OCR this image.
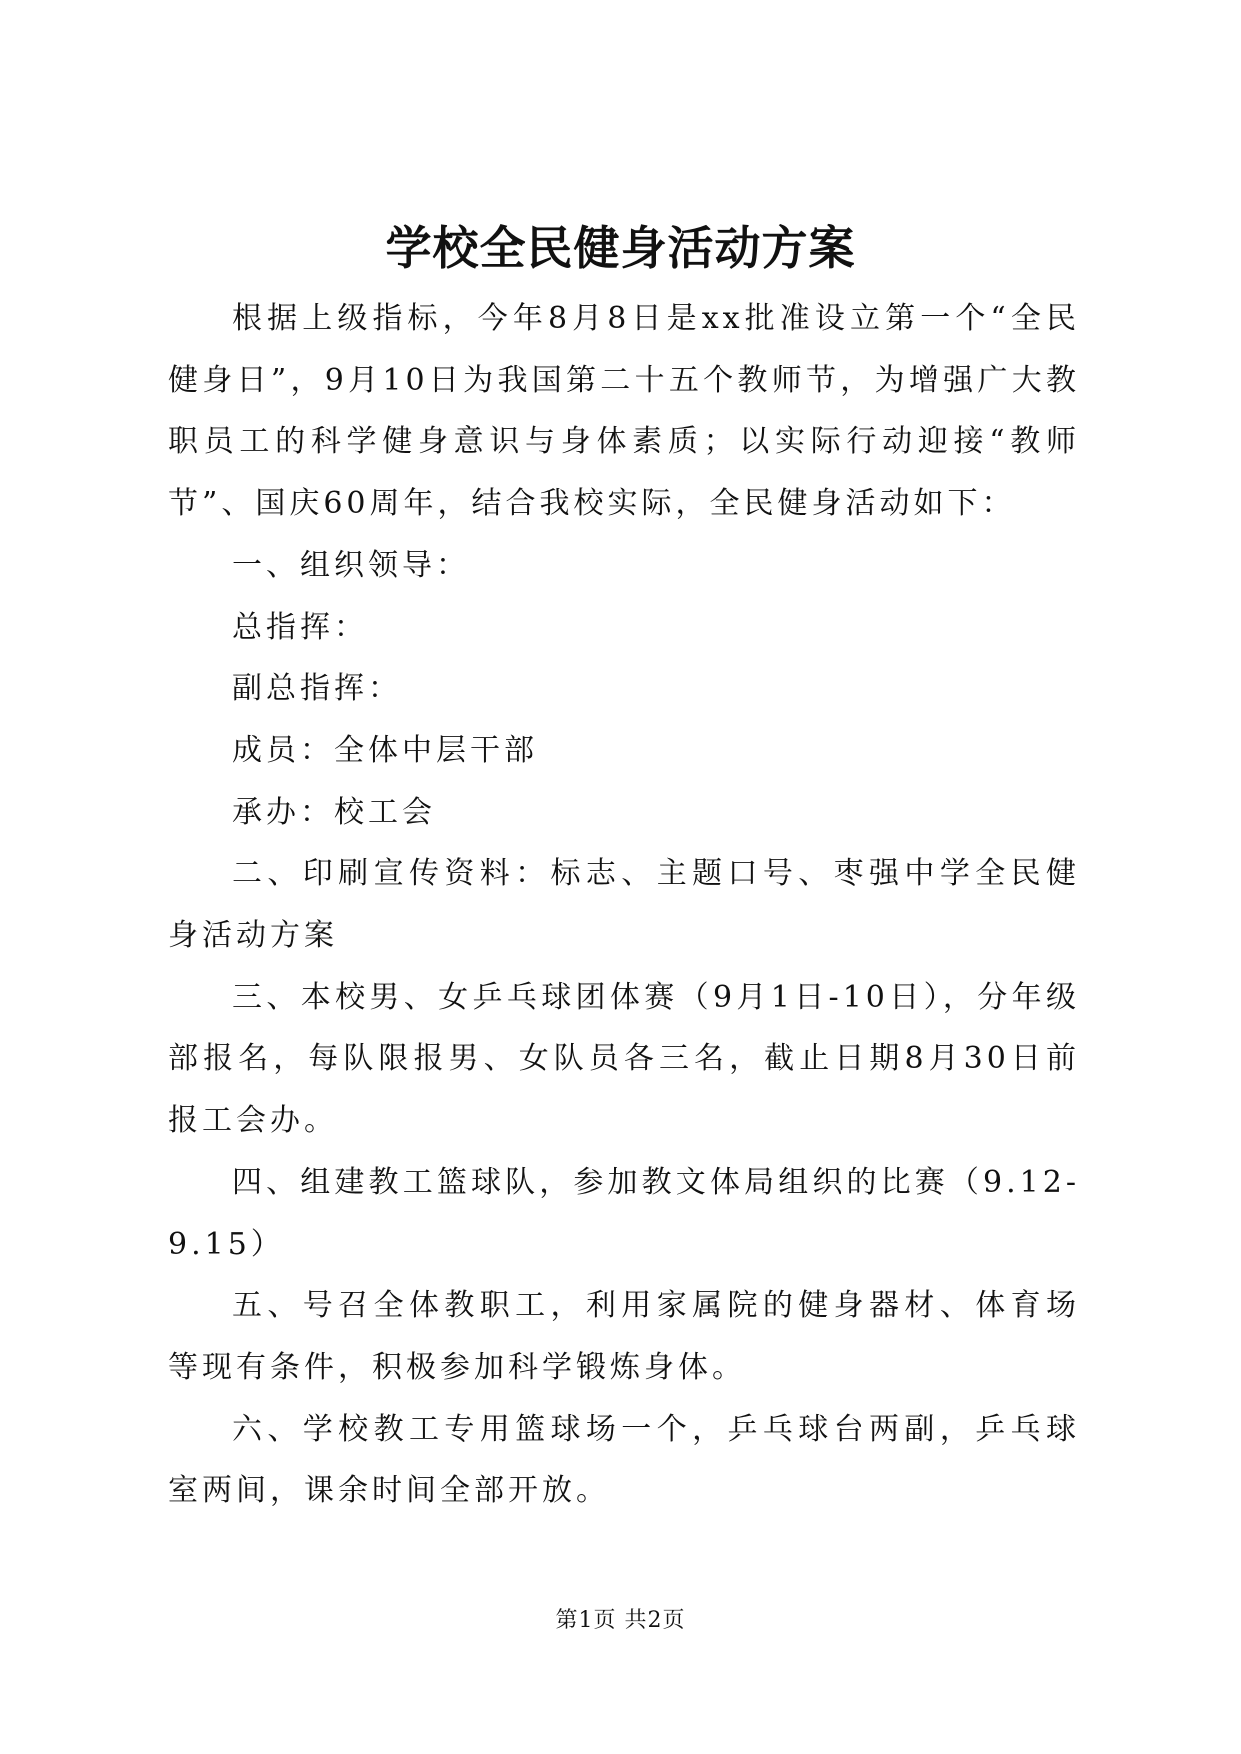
学校全民健身活动方案

根据上级指标，今年8月8日是xx批准设立第一个“全民健身日”，9月10日为我国第二十五个教师节，为增强广大教职员工的科学健身意识与身体素质；以实际行动迎接“教师节”、国庆60周年，结合我校实际，全民健身活动如下：

一、组织领导：

总指挥：

副总指挥：

成员：全体中层干部

承办：校工会

二、印刷宣传资料：标志、主题口号、枣强中学全民健身活动方案

三、本校男、女乒乓球团体赛（9月1日-10日），分年级部报名，每队限报男、女队员各三名，截止日期8月30日前报工会办。

四、组建教工篮球队，参加教文体局组织的比赛（9.12-9.15）

五、号召全体教职工，利用家属院的健身器材、体育场等现有条件，积极参加科学锻炼身体。

六、学校教工专用篮球场一个，乒乓球台两副，乒乓球室两间，课余时间全部开放。

第1页 共2页
